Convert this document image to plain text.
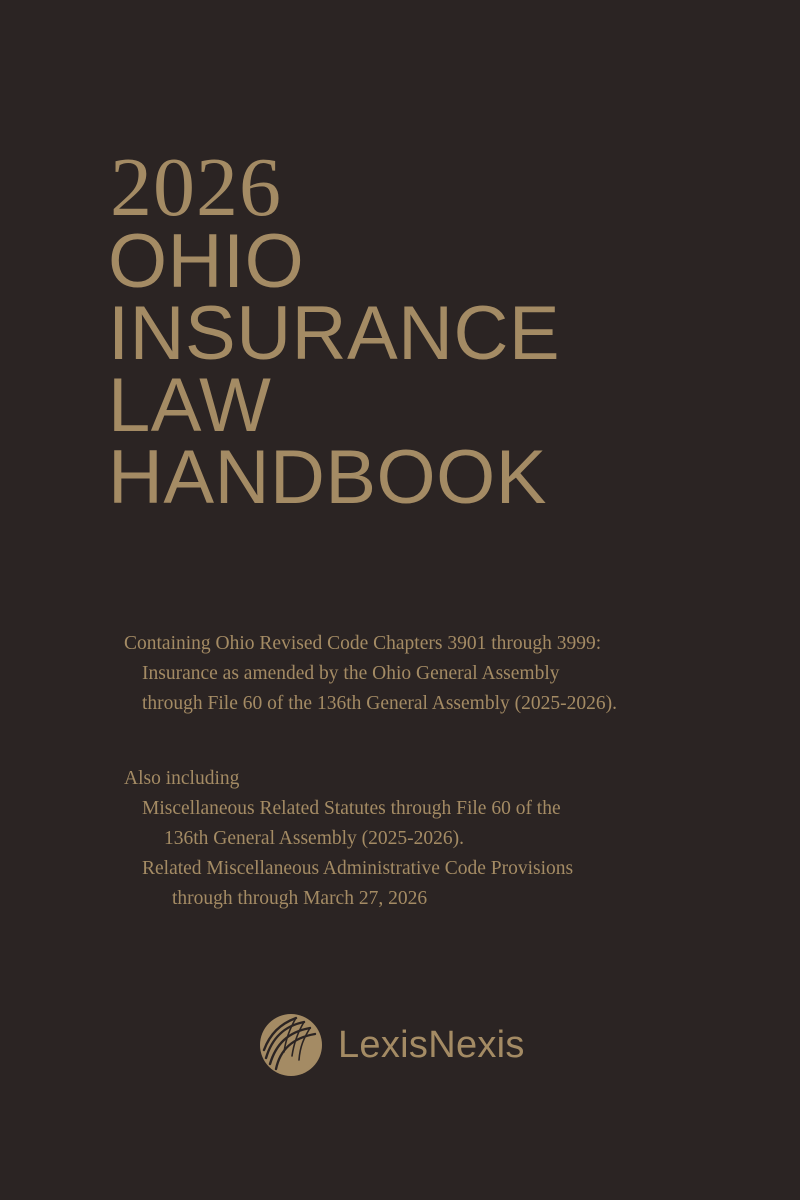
2026
OHIO
INSURANCE
LAW
HANDBOOK

Containing Ohio Revised Code Chapters 3901 through 3999:

Insurance as amended by the Ohio General Assembly

through File 60 of the 136th General Assembly (2025-2026).

Also including

Miscellaneous Related Statutes through File 60 of the

136th General Assembly (2025-2026).

Related Miscellaneous Administrative Code Provisions

through through March 27, 2026

LexisNexis
